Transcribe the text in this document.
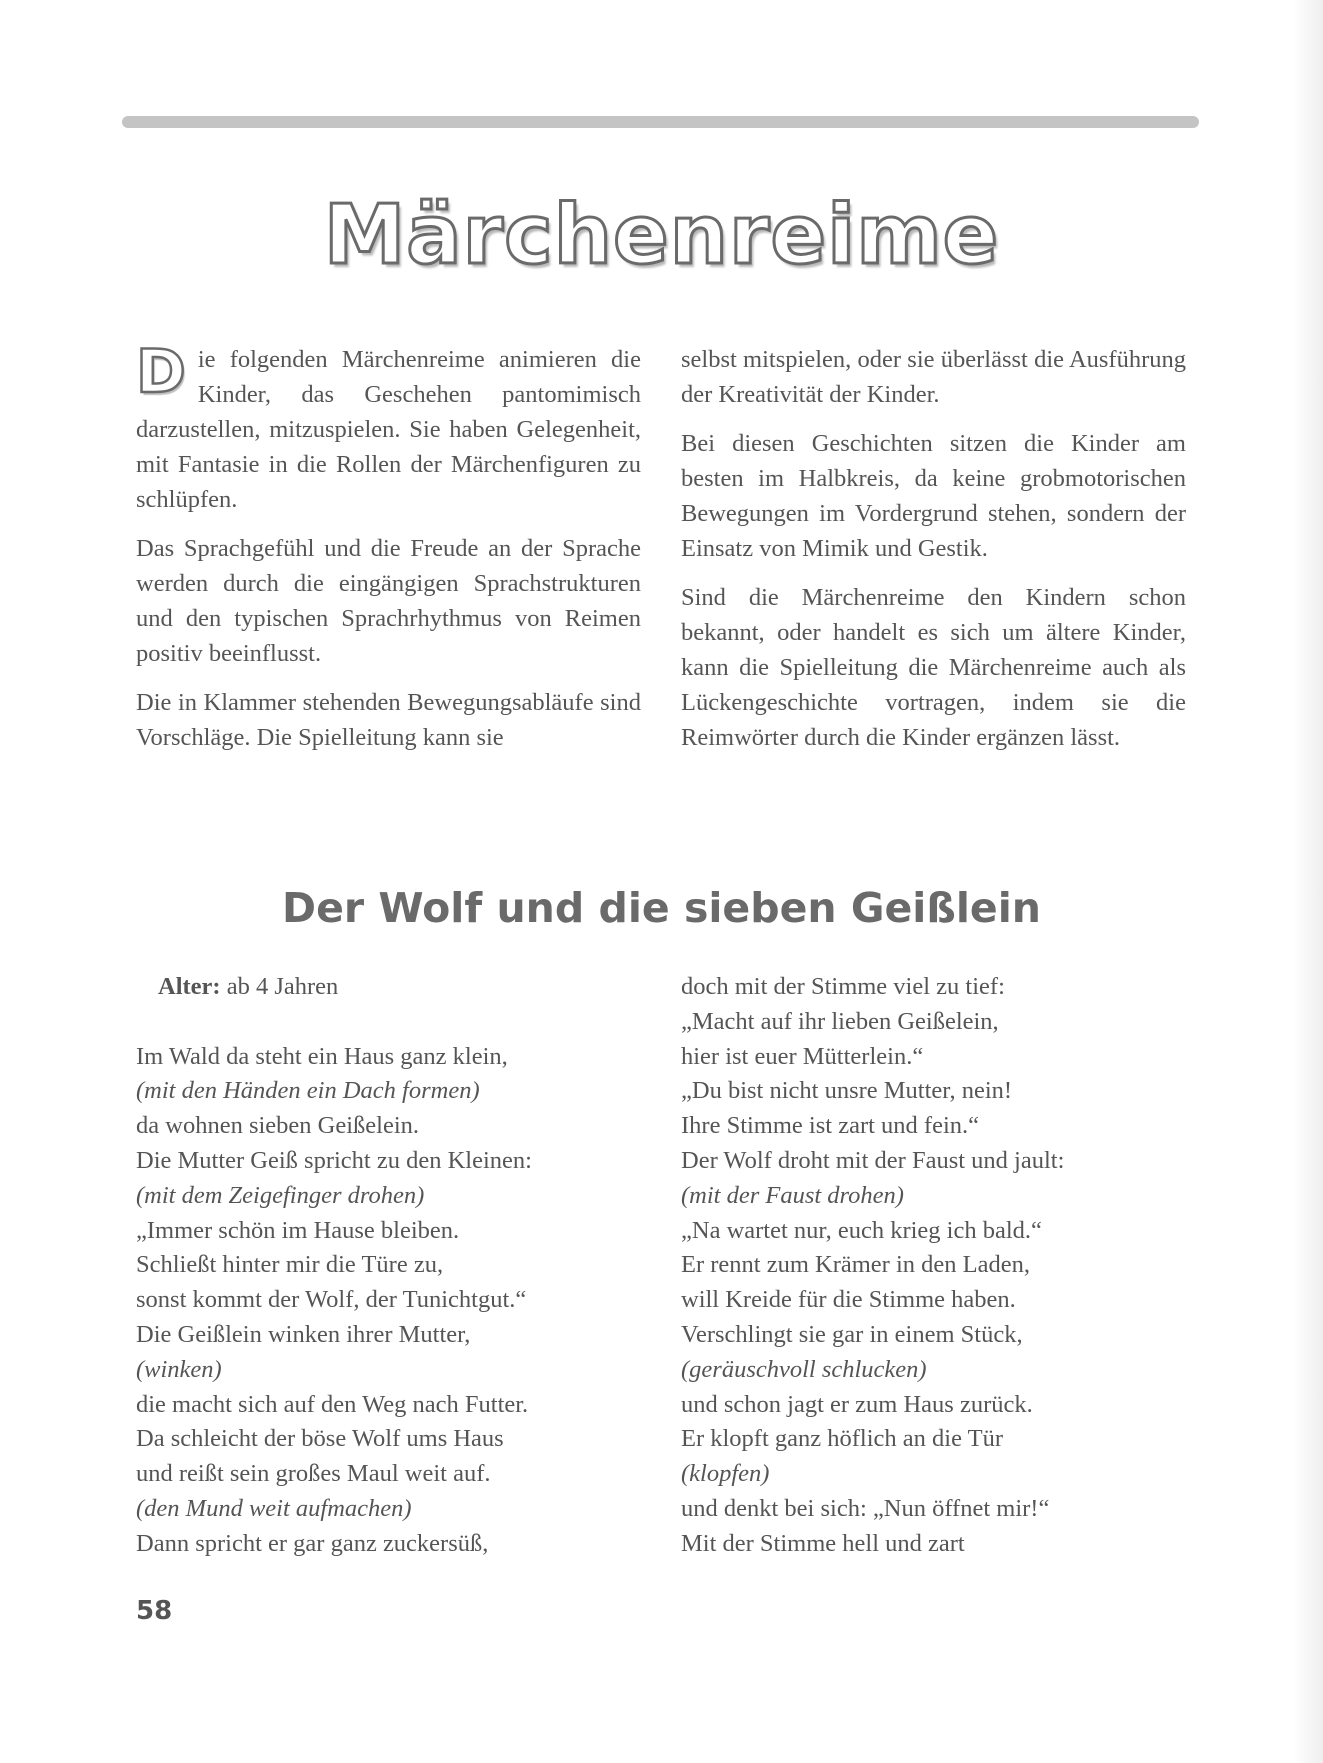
Märchenreime

Die folgenden Märchenreime animieren die Kinder, das Geschehen pantomimisch darzustellen, mitzuspielen. Sie haben Gelegenheit, mit Fantasie in die Rollen der Märchenfiguren zu schlüpfen.

Das Sprachgefühl und die Freude an der Sprache werden durch die eingängigen Sprachstrukturen und den typischen Sprachrhythmus von Reimen positiv beeinflusst.

Die in Klammer stehenden Bewegungsabläufe sind Vorschläge. Die Spielleitung kann sie

selbst mitspielen, oder sie überlässt die Ausführung der Kreativität der Kinder.

Bei diesen Geschichten sitzen die Kinder am besten im Halbkreis, da keine grobmotorischen Bewegungen im Vordergrund stehen, sondern der Einsatz von Mimik und Gestik.

Sind die Märchenreime den Kindern schon bekannt, oder handelt es sich um ältere Kinder, kann die Spielleitung die Märchenreime auch als Lückengeschichte vortragen, indem sie die Reimwörter durch die Kinder ergänzen lässt.

Der Wolf und die sieben Geißlein
Alter: ab 4 Jahren
Im Wald da steht ein Haus ganz klein,
(mit den Händen ein Dach formen)
da wohnen sieben Geißelein.
Die Mutter Geiß spricht zu den Kleinen:
(mit dem Zeigefinger drohen)
„Immer schön im Hause bleiben.
Schließt hinter mir die Türe zu,
sonst kommt der Wolf, der Tunichtgut.“
Die Geißlein winken ihrer Mutter,
(winken)
die macht sich auf den Weg nach Futter.
Da schleicht der böse Wolf ums Haus
und reißt sein großes Maul weit auf.
(den Mund weit aufmachen)
Dann spricht er gar ganz zuckersüß,
doch mit der Stimme viel zu tief:
„Macht auf ihr lieben Geißelein,
hier ist euer Mütterlein.“
„Du bist nicht unsre Mutter, nein!
Ihre Stimme ist zart und fein.“
Der Wolf droht mit der Faust und jault:
(mit der Faust drohen)
„Na wartet nur, euch krieg ich bald.“
Er rennt zum Krämer in den Laden,
will Kreide für die Stimme haben.
Verschlingt sie gar in einem Stück,
(geräuschvoll schlucken)
und schon jagt er zum Haus zurück.
Er klopft ganz höflich an die Tür
(klopfen)
und denkt bei sich: „Nun öffnet mir!“
Mit der Stimme hell und zart
58
